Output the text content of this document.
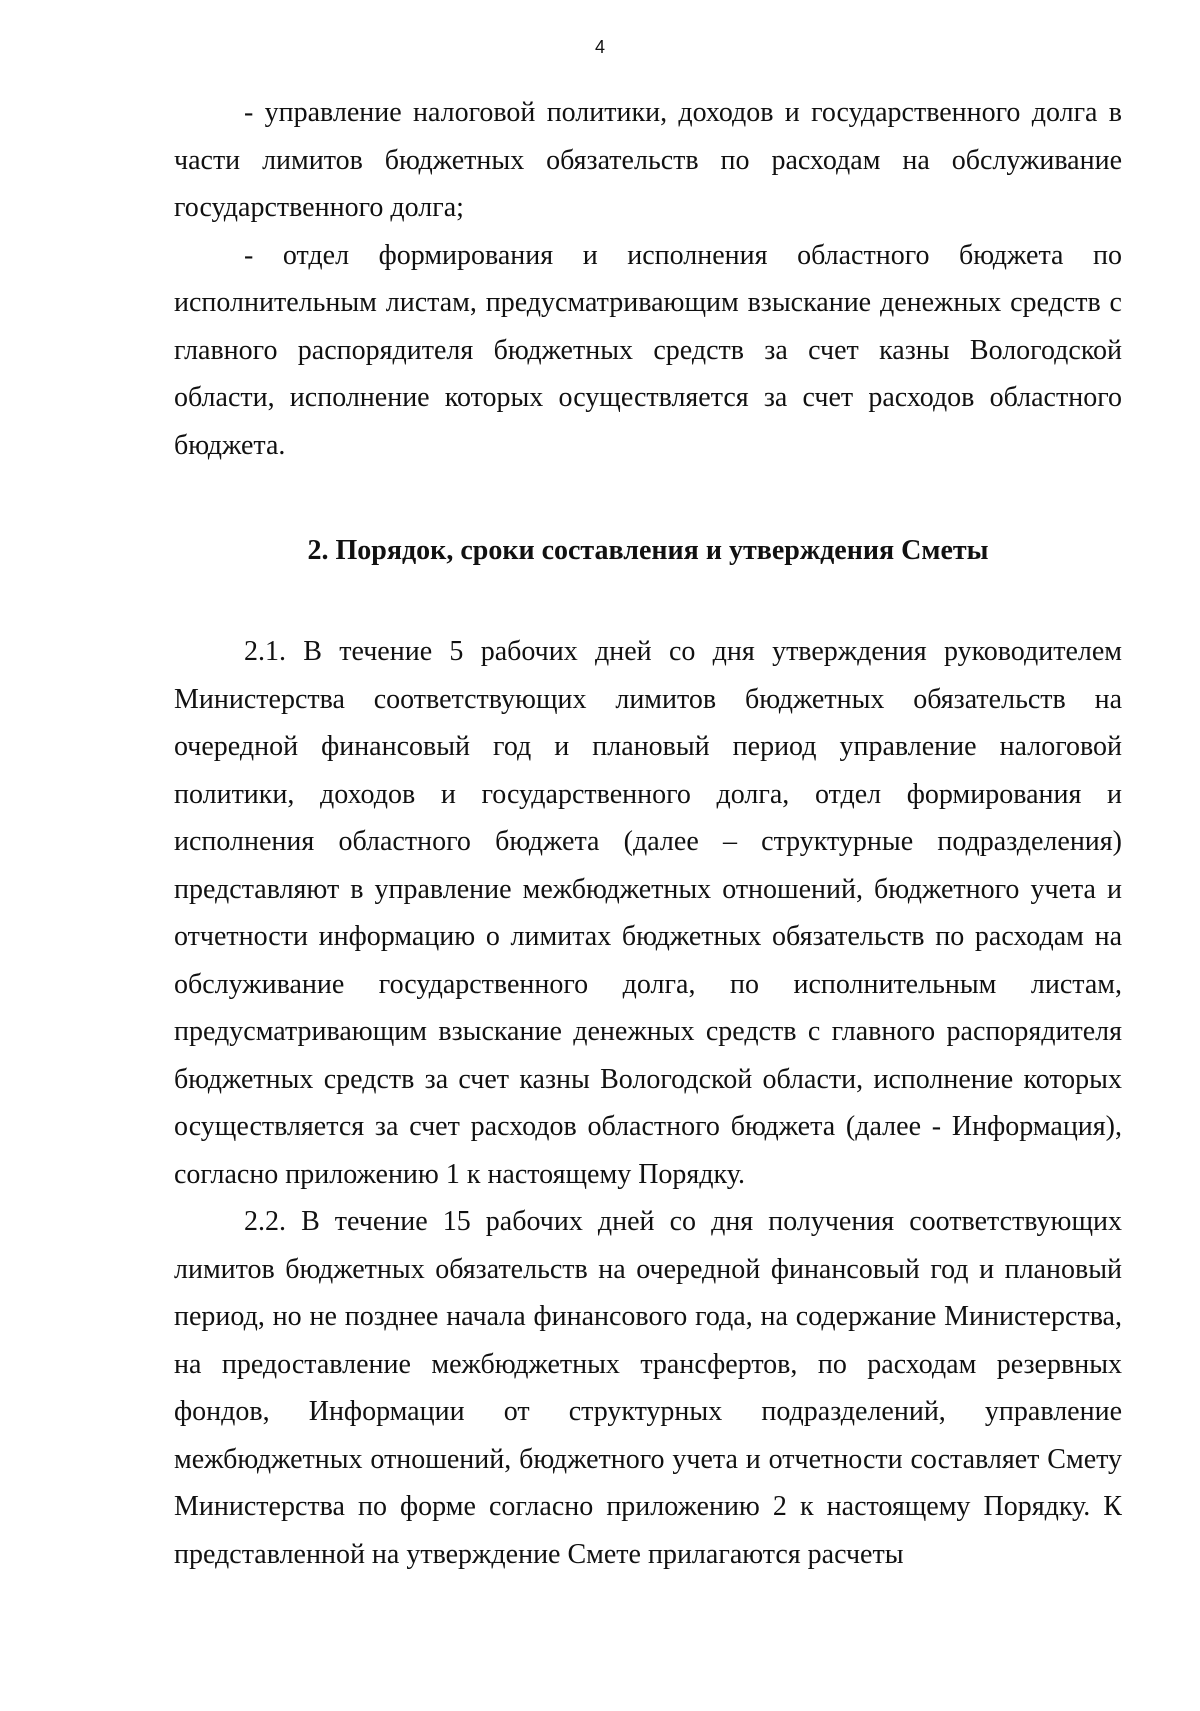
4

- управление налоговой политики, доходов и государственного долга в части лимитов бюджетных обязательств по расходам на обслуживание государственного долга;

- отдел формирования и исполнения областного бюджета по исполнительным листам, предусматривающим взыскание денежных средств с главного распорядителя бюджетных средств за счет казны Вологодской области, исполнение которых осуществляется за счет расходов областного бюджета.

2. Порядок, сроки составления и утверждения Сметы

2.1. В течение 5 рабочих дней со дня утверждения руководителем Министерства соответствующих лимитов бюджетных обязательств на очередной финансовый год и плановый период управление налоговой политики, доходов и государственного долга, отдел формирования и исполнения областного бюджета (далее – структурные подразделения) представляют в управление межбюджетных отношений, бюджетного учета и отчетности информацию о лимитах бюджетных обязательств по расходам на обслуживание государственного долга, по исполнительным листам, предусматривающим взыскание денежных средств с главного распорядителя бюджетных средств за счет казны Вологодской области, исполнение которых осуществляется за счет расходов областного бюджета (далее - Информация), согласно приложению 1 к настоящему Порядку.

2.2. В течение 15 рабочих дней со дня получения соответствующих лимитов бюджетных обязательств на очередной финансовый год и плановый период, но не позднее начала финансового года, на содержание Министерства, на предоставление межбюджетных трансфертов, по расходам резервных фондов, Информации от структурных подразделений, управление межбюджетных отношений, бюджетного учета и отчетности составляет Смету Министерства по форме согласно приложению 2 к настоящему Порядку. К представленной на утверждение Смете прилагаются расчеты
